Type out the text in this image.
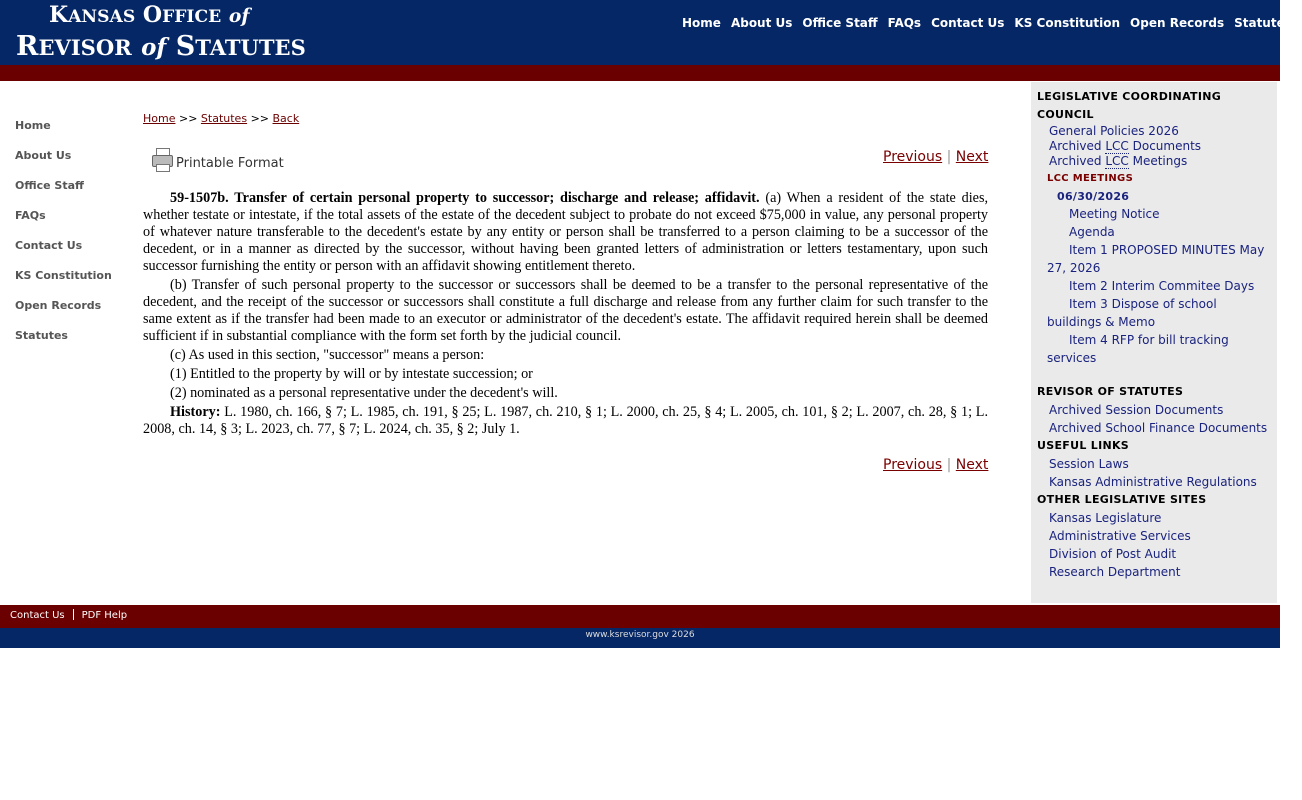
KANSAS OFFICE of
REVISOR of STATUTES
Home About Us Office Staff FAQs Contact Us KS Constitution Open Records Statutes
Home
About Us
Office Staff
FAQs
Contact Us
KS Constitution
Open Records
Statutes
Home >> Statutes >> Back
Printable Format	Previous | Next

59-1507b. Transfer of certain personal property to successor; discharge and release; affidavit. (a) When a resident of the state dies, whether testate or intestate, if the total assets of the estate of the decedent subject to probate do not exceed $75,000 in value, any personal property of whatever nature transferable to the decedent's estate by any entity or person shall be transferred to a person claiming to be a successor of the decedent, or in a manner as directed by the successor, without having been granted letters of administration or letters testamentary, upon such successor furnishing the entity or person with an affidavit showing entitlement thereto.

(b) Transfer of such personal property to the successor or successors shall be deemed to be a transfer to the personal representative of the decedent, and the receipt of the successor or successors shall constitute a full discharge and release from any further claim for such transfer to the same extent as if the transfer had been made to an executor or administrator of the decedent's estate. The affidavit required herein shall be deemed sufficient if in substantial compliance with the form set forth by the judicial council.

(c) As used in this section, "successor" means a person:

(1) Entitled to the property by will or by intestate succession; or

(2) nominated as a personal representative under the decedent's will.

History: L. 1980, ch. 166, § 7; L. 1985, ch. 191, § 25; L. 1987, ch. 210, § 1; L. 2000, ch. 25, § 4; L. 2005, ch. 101, § 2; L. 2007, ch. 28, § 1; L. 2008, ch. 14, § 3; L. 2023, ch. 77, § 7; L. 2024, ch. 35, § 2; July 1.

Previous | Next
LEGISLATIVE COORDINATING COUNCIL
General Policies 2026
Archived LCC Documents
Archived LCC Meetings
LCC MEETINGS
06/30/2026
Meeting Notice
Agenda
Item 1 PROPOSED MINUTES May 27, 2026
Item 2 Interim Commitee Days
Item 3 Dispose of school buildings & Memo
Item 4 RFP for bill tracking services
REVISOR OF STATUTES
Archived Session Documents
Archived School Finance Documents
USEFUL LINKS
Session Laws
Kansas Administrative Regulations
OTHER LEGISLATIVE SITES
Kansas Legislature
Administrative Services
Division of Post Audit
Research Department
Contact Us PDF Help
www.ksrevisor.gov 2026
